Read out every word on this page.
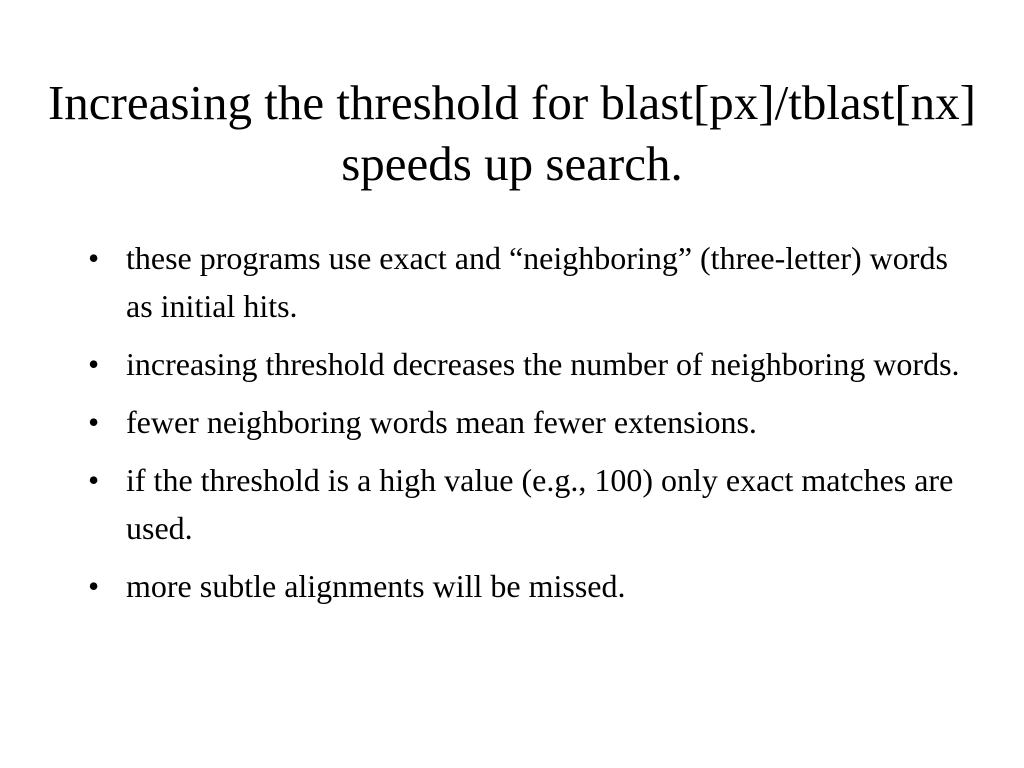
Increasing the threshold for blast[px]/tblast[nx] speeds up search.
• these programs use exact and “neighboring” (three-letter) words as initial hits.
• increasing threshold decreases the number of neighboring words.
• fewer neighboring words mean fewer extensions.
• if the threshold is a high value (e.g., 100) only exact matches are used.
• more subtle alignments will be missed.
